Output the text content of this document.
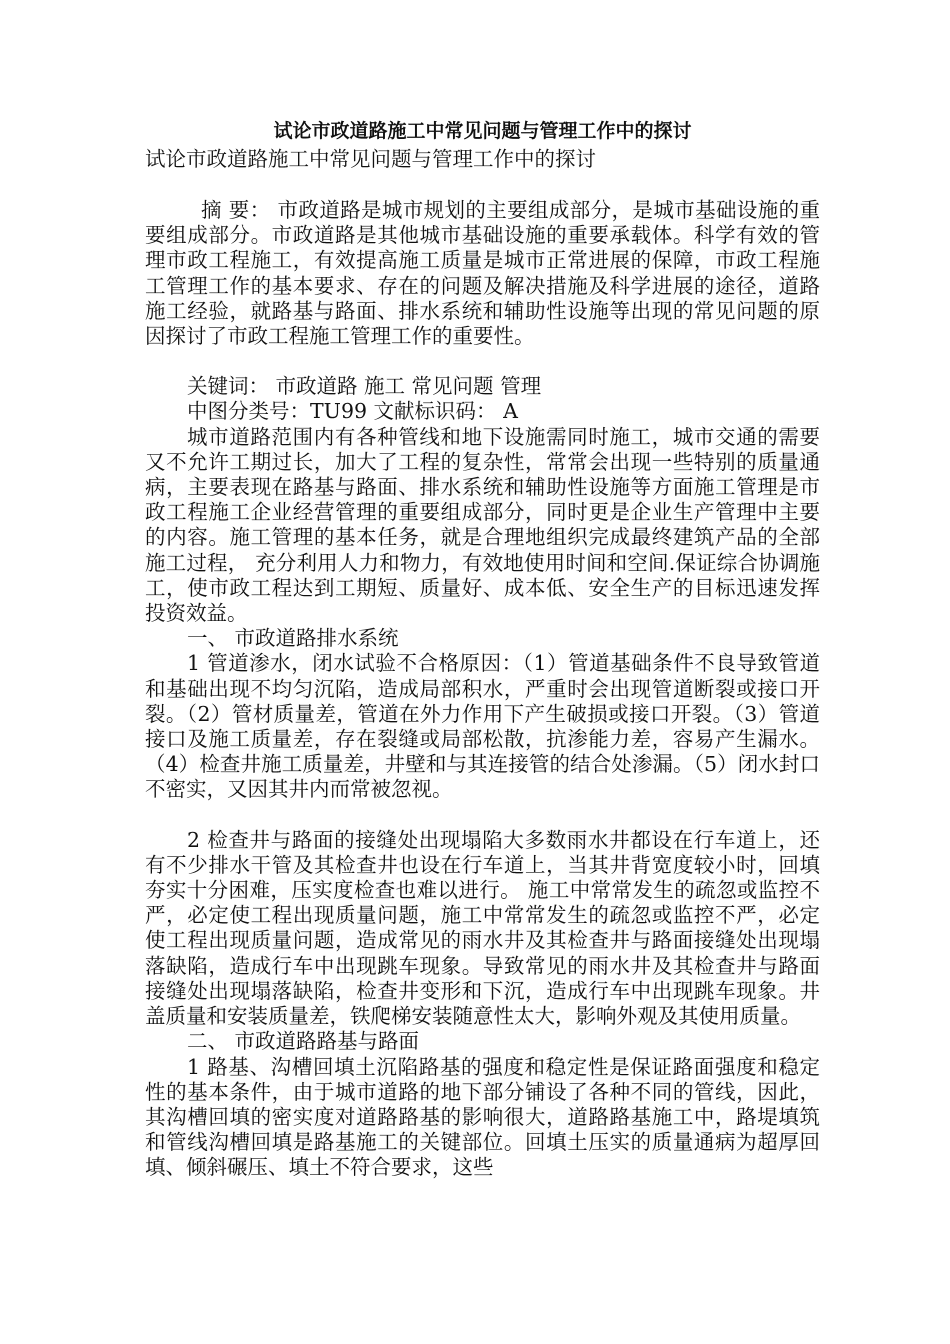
试论市政道路施工中常见问题与管理工作中的探讨

试论市政道路施工中常见问题与管理工作中的探讨

摘 要： 市政道路是城市规划的主要组成部分，是城市基础设施的重要组成部分。市政道路是其他城市基础设施的重要承载体。科学有效的管理市政工程施工，有效提高施工质量是城市正常进展的保障，市政工程施工管理工作的基本要求、存在的问题及解决措施及科学进展的途径，道路施工经验，就路基与路面、排水系统和辅助性设施等出现的常见问题的原因探讨了市政工程施工管理工作的重要性。

关键词： 市政道路 施工 常见问题 管理

中图分类号：TU99 文献标识码： A

城市道路范围内有各种管线和地下设施需同时施工，城市交通的需要又不允许工期过长，加大了工程的复杂性，常常会出现一些特别的质量通病，主要表现在路基与路面、排水系统和辅助性设施等方面施工管理是市政工程施工企业经营管理的重要组成部分，同时更是企业生产管理中主要的内容。施工管理的基本任务，就是合理地组织完成最终建筑产品的全部施工过程， 充分利用人力和物力，有效地使用时间和空间.保证综合协调施工，使市政工程达到工期短、质量好、成本低、安全生产的目标迅速发挥投资效益。

一、 市政道路排水系统

1 管道渗水，闭水试验不合格原因：（1）管道基础条件不良导致管道和基础出现不均匀沉陷，造成局部积水，严重时会出现管道断裂或接口开裂。（2）管材质量差，管道在外力作用下产生破损或接口开裂。（3）管道接口及施工质量差，存在裂缝或局部松散，抗渗能力差，容易产生漏水。（4）检查井施工质量差，井壁和与其连接管的结合处渗漏。（5）闭水封口不密实，又因其井内而常被忽视。

2 检查井与路面的接缝处出现塌陷大多数雨水井都设在行车道上，还有不少排水干管及其检查井也设在行车道上，当其井背宽度较小时，回填夯实十分困难，压实度检查也难以进行。 施工中常常发生的疏忽或监控不严，必定使工程出现质量问题，施工中常常发生的疏忽或监控不严，必定使工程出现质量问题，造成常见的雨水井及其检查井与路面接缝处出现塌落缺陷，造成行车中出现跳车现象。导致常见的雨水井及其检查井与路面接缝处出现塌落缺陷，检查井变形和下沉，造成行车中出现跳车现象。井盖质量和安装质量差，铁爬梯安装随意性太大，影响外观及其使用质量。

二、 市政道路路基与路面

1 路基、沟槽回填土沉陷路基的强度和稳定性是保证路面强度和稳定性的基本条件，由于城市道路的地下部分铺设了各种不同的管线，因此，其沟槽回填的密实度对道路路基的影响很大，道路路基施工中，路堤填筑和管线沟槽回填是路基施工的关键部位。回填土压实的质量通病为超厚回填、倾斜碾压、填土不符合要求，这些
